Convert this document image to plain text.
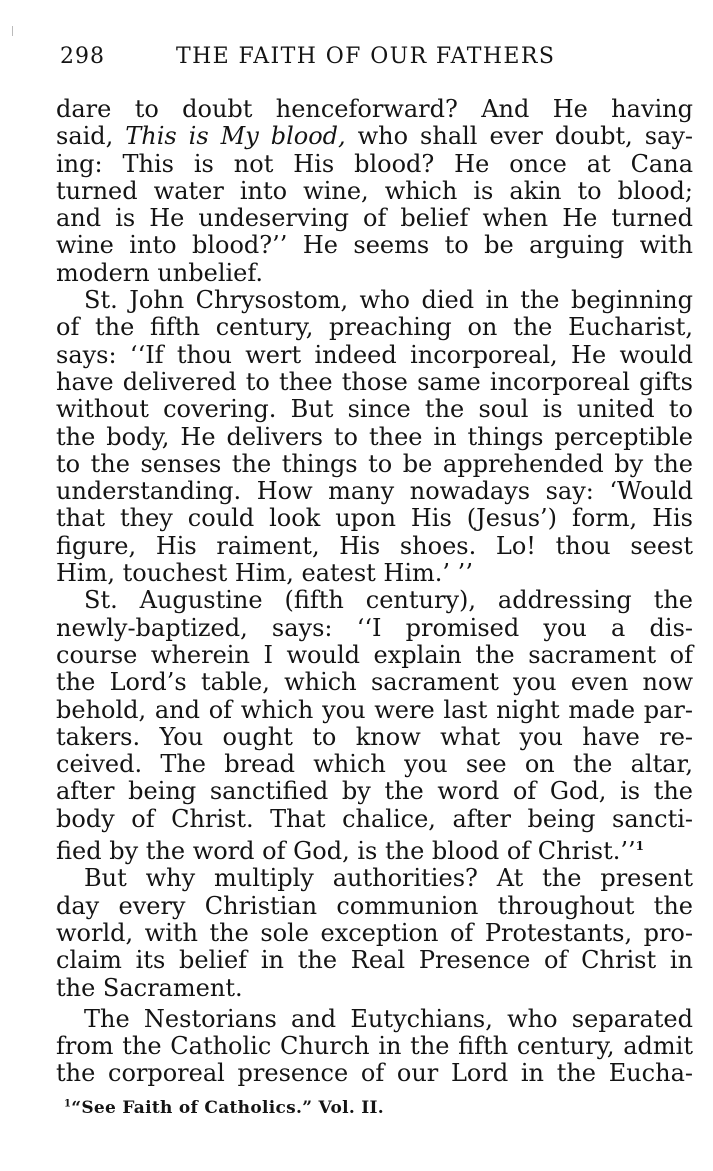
298	THE FAITH OF OUR FATHERS
dare to doubt henceforward? And He having
said, This is My blood, who shall ever doubt, say-
ing: This is not His blood? He once at Cana
turned water into wine, which is akin to blood;
and is He undeserving of belief when He turned
wine into blood?’’ He seems to be arguing with
modern unbelief.
St. John Chrysostom, who died in the beginning
of the fifth century, preaching on the Eucharist,
says: ‘‘If thou wert indeed incorporeal, He would
have delivered to thee those same incorporeal gifts
without covering. But since the soul is united to
the body, He delivers to thee in things perceptible
to the senses the things to be apprehended by the
understanding. How many nowadays say: ‘Would
that they could look upon His (Jesus’) form, His
figure, His raiment, His shoes. Lo! thou seest
Him, touchest Him, eatest Him.’ ’’
St. Augustine (fifth century), addressing the
newly-baptized, says: ‘‘I promised you a dis-
course wherein I would explain the sacrament of
the Lord’s table, which sacrament you even now
behold, and of which you were last night made par-
takers. You ought to know what you have re-
ceived. The bread which you see on the altar,
after being sanctified by the word of God, is the
body of Christ. That chalice, after being sancti-
fied by the word of God, is the blood of Christ.’’$^1$
But why multiply authorities? At the present
day every Christian communion throughout the
world, with the sole exception of Protestants, pro-
claim its belief in the Real Presence of Christ in
the Sacrament.
The Nestorians and Eutychians, who separated
from the Catholic Church in the fifth century, admit
the corporeal presence of our Lord in the Eucha-
$^1$“See Faith of Catholics.” Vol. II.
